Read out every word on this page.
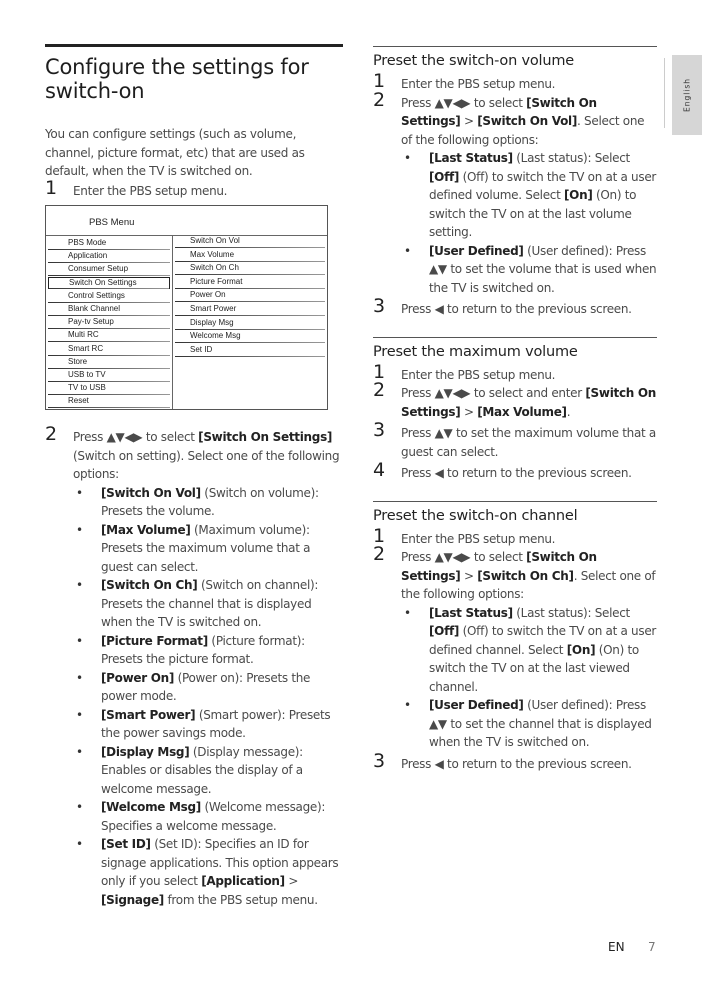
English
Configure the settings for switch-on
You can configure settings (such as volume, channel, picture format, etc) that are used as default, when the TV is switched on.
1 Enter the PBS setup menu.
PBS Menu
PBS Mode
Application
Consumer Setup
Switch On Settings
Control Settings
Blank Channel
Pay-tv Setup
Multi RC
Smart RC
Store
USB to TV
TV to USB
Reset
Switch On Vol
Max Volume
Switch On Ch
Picture Format
Power On
Smart Power
Display Msg
Welcome Msg
Set ID
2 Press ▲▼◀▶ to select [Switch On Settings] (Switch on setting). Select one of the following options:
• [Switch On Vol] (Switch on volume): Presets the volume.
• [Max Volume] (Maximum volume): Presets the maximum volume that a guest can select.
• [Switch On Ch] (Switch on channel): Presets the channel that is displayed when the TV is switched on.
• [Picture Format] (Picture format): Presets the picture format.
• [Power On] (Power on): Presets the power mode.
• [Smart Power] (Smart power): Presets the power savings mode.
• [Display Msg] (Display message): Enables or disables the display of a welcome message.
• [Welcome Msg] (Welcome message): Specifies a welcome message.
• [Set ID] (Set ID): Specifies an ID for signage applications. This option appears only if you select [Application] > [Signage] from the PBS setup menu.
Preset the switch-on volume
1 Enter the PBS setup menu.
2 Press ▲▼◀▶ to select [Switch On Settings] > [Switch On Vol]. Select one of the following options:
• [Last Status] (Last status): Select [Off] (Off) to switch the TV on at a user defined volume. Select [On] (On) to switch the TV on at the last volume setting.
• [User Defined] (User defined): Press ▲▼ to set the volume that is used when the TV is switched on.
3 Press ◀ to return to the previous screen.
Preset the maximum volume
1 Enter the PBS setup menu.
2 Press ▲▼◀▶ to select and enter [Switch On Settings] > [Max Volume].
3 Press ▲▼ to set the maximum volume that a guest can select.
4 Press ◀ to return to the previous screen.
Preset the switch-on channel
1 Enter the PBS setup menu.
2 Press ▲▼◀▶ to select [Switch On Settings] > [Switch On Ch]. Select one of the following options:
• [Last Status] (Last status): Select [Off] (Off) to switch the TV on at a user defined channel. Select [On] (On) to switch the TV on at the last viewed channel.
• [User Defined] (User defined): Press ▲▼ to set the channel that is displayed when the TV is switched on.
3 Press ◀ to return to the previous screen.
EN 7
